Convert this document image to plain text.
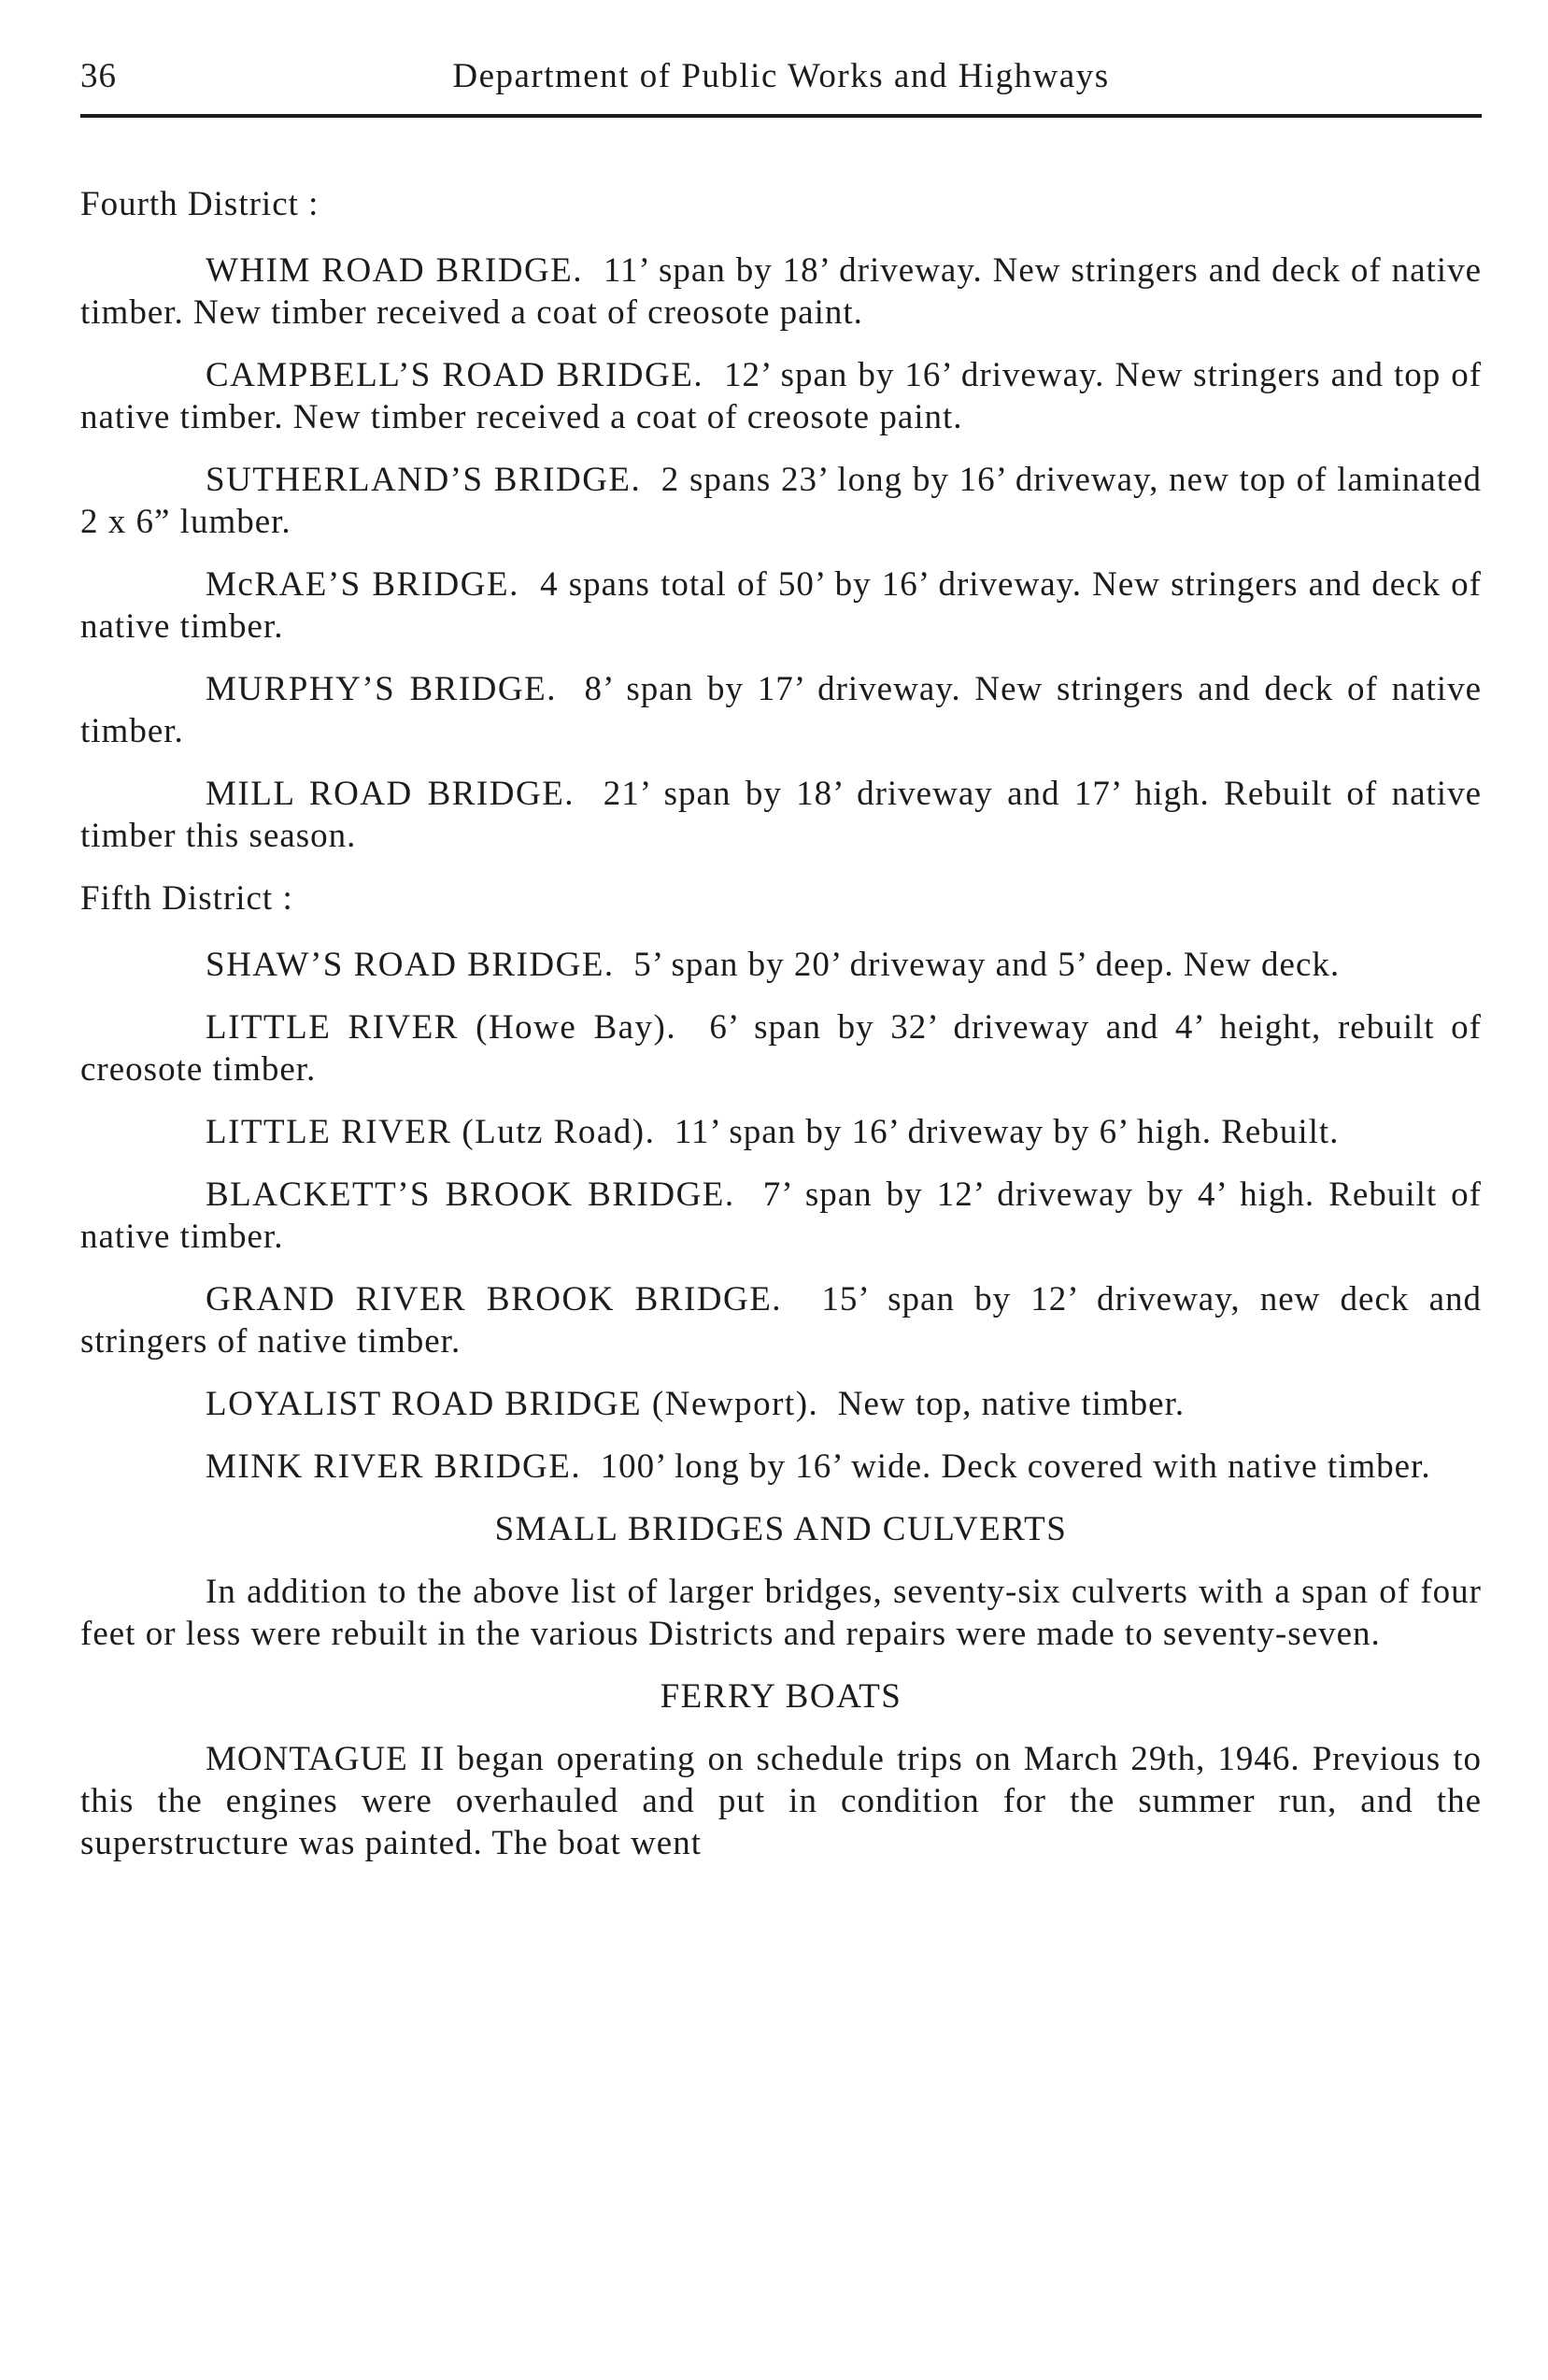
36	Department of Public Works and Highways

Fourth District :

WHIM ROAD BRIDGE. 11’ span by 18’ driveway. New stringers and deck of native timber. New timber received a coat of creosote paint.

CAMPBELL’S ROAD BRIDGE. 12’ span by 16’ driveway. New stringers and top of native timber. New timber received a coat of creosote paint.

SUTHERLAND’S BRIDGE. 2 spans 23’ long by 16’ driveway, new top of laminated 2 x 6” lumber.

McRAE’S BRIDGE. 4 spans total of 50’ by 16’ driveway. New stringers and deck of native timber.

MURPHY’S BRIDGE. 8’ span by 17’ driveway. New stringers and deck of native timber.

MILL ROAD BRIDGE. 21’ span by 18’ driveway and 17’ high. Rebuilt of native timber this season.

Fifth District :

SHAW’S ROAD BRIDGE. 5’ span by 20’ driveway and 5’ deep. New deck.

LITTLE RIVER (Howe Bay). 6’ span by 32’ driveway and 4’ height, rebuilt of creosote timber.

LITTLE RIVER (Lutz Road). 11’ span by 16’ driveway by 6’ high. Rebuilt.

BLACKETT’S BROOK BRIDGE. 7’ span by 12’ driveway by 4’ high. Rebuilt of native timber.

GRAND RIVER BROOK BRIDGE. 15’ span by 12’ driveway, new deck and stringers of native timber.

LOYALIST ROAD BRIDGE (Newport). New top, native timber.

MINK RIVER BRIDGE. 100’ long by 16’ wide. Deck covered with native timber.

SMALL BRIDGES AND CULVERTS

In addition to the above list of larger bridges, seventy-six culverts with a span of four feet or less were rebuilt in the various Districts and repairs were made to seventy-seven.

FERRY BOATS

MONTAGUE II began operating on schedule trips on March 29th, 1946. Previous to this the engines were overhauled and put in condition for the summer run, and the superstructure was painted. The boat went
